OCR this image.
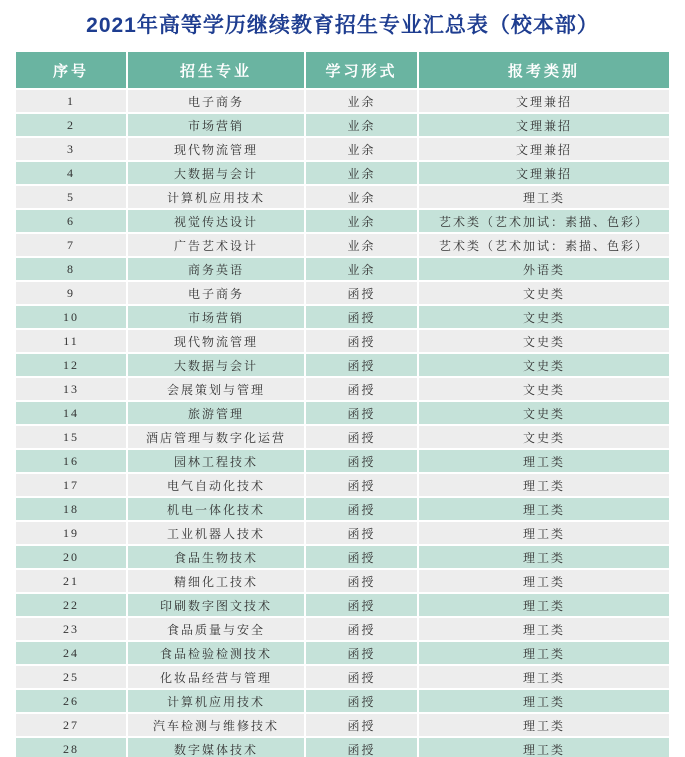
2021年高等学历继续教育招生专业汇总表（校本部）
序号	招生专业	学习形式	报考类别
1	电子商务	业余	文理兼招
2	市场营销	业余	文理兼招
3	现代物流管理	业余	文理兼招
4	大数据与会计	业余	文理兼招
5	计算机应用技术	业余	理工类
6	视觉传达设计	业余	艺术类（艺术加试：素描、色彩）
7	广告艺术设计	业余	艺术类（艺术加试：素描、色彩）
8	商务英语	业余	外语类
9	电子商务	函授	文史类
10	市场营销	函授	文史类
11	现代物流管理	函授	文史类
12	大数据与会计	函授	文史类
13	会展策划与管理	函授	文史类
14	旅游管理	函授	文史类
15	酒店管理与数字化运营	函授	文史类
16	园林工程技术	函授	理工类
17	电气自动化技术	函授	理工类
18	机电一体化技术	函授	理工类
19	工业机器人技术	函授	理工类
20	食品生物技术	函授	理工类
21	精细化工技术	函授	理工类
22	印刷数字图文技术	函授	理工类
23	食品质量与安全	函授	理工类
24	食品检验检测技术	函授	理工类
25	化妆品经营与管理	函授	理工类
26	计算机应用技术	函授	理工类
27	汽车检测与维修技术	函授	理工类
28	数字媒体技术	函授	理工类
